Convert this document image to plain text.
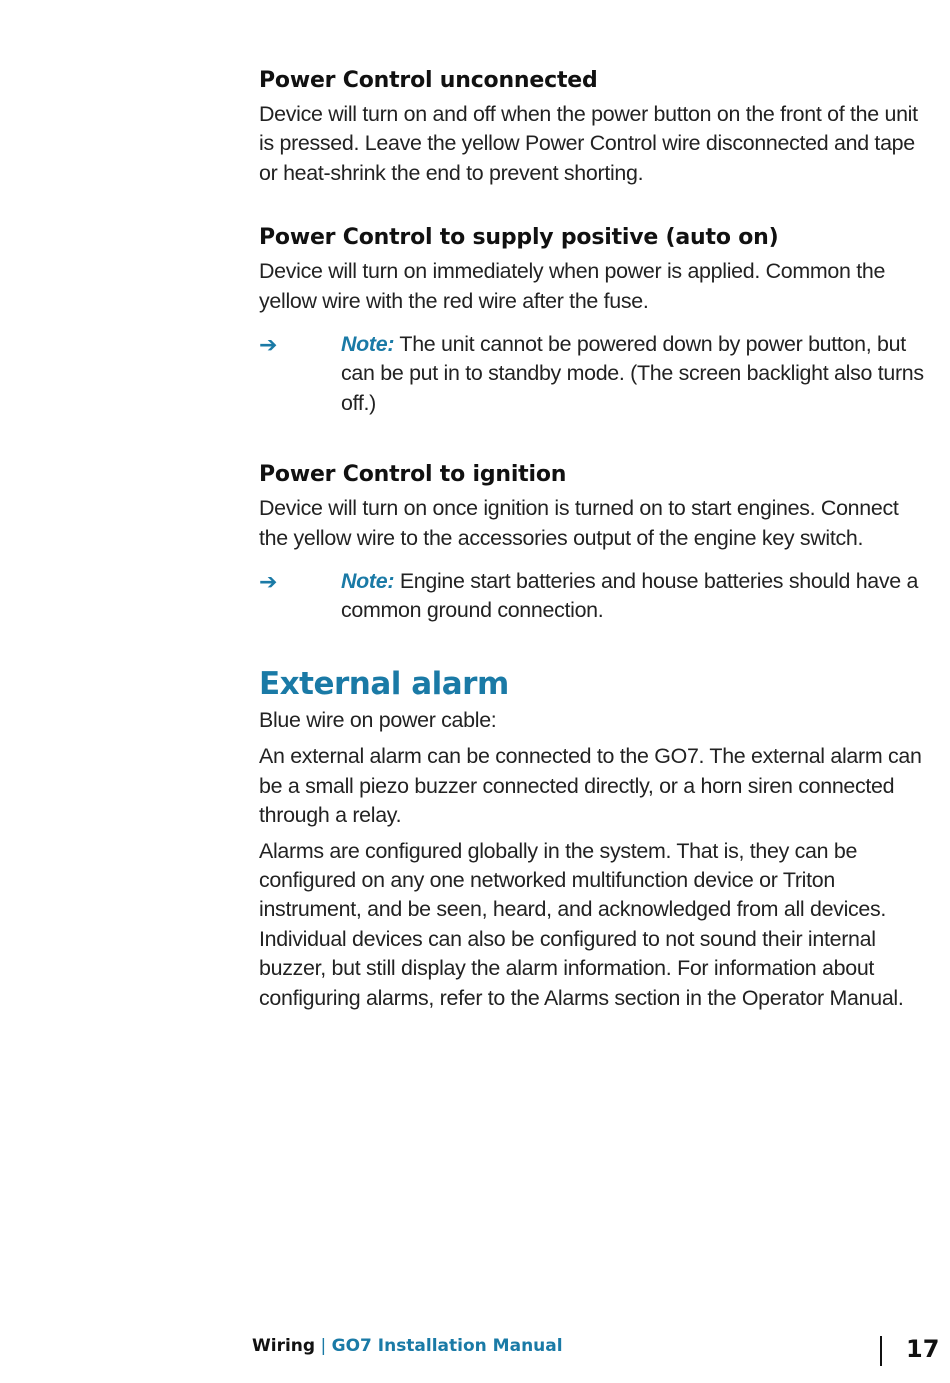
Power Control unconnected

Device will turn on and off when the power button on the front of the unit is pressed. Leave the yellow Power Control wire disconnected and tape or heat-shrink the end to prevent shorting.

Power Control to supply positive (auto on)

Device will turn on immediately when power is applied. Common the yellow wire with the red wire after the fuse.

➔	Note: The unit cannot be powered down by power button, but can be put in to standby mode. (The screen backlight also turns off.)
Power Control to ignition

Device will turn on once ignition is turned on to start engines. Connect the yellow wire to the accessories output of the engine key switch.

➔	Note: Engine start batteries and house batteries should have a common ground connection.
External alarm

Blue wire on power cable:

An external alarm can be connected to the GO7. The external alarm can be a small piezo buzzer connected directly, or a horn siren connected through a relay.

Alarms are configured globally in the system. That is, they can be configured on any one networked multifunction device or Triton instrument, and be seen, heard, and acknowledged from all devices. Individual devices can also be configured to not sound their internal buzzer, but still display the alarm information. For information about configuring alarms, refer to the Alarms section in the Operator Manual.

Wiring | GO7 Installation Manual	17
